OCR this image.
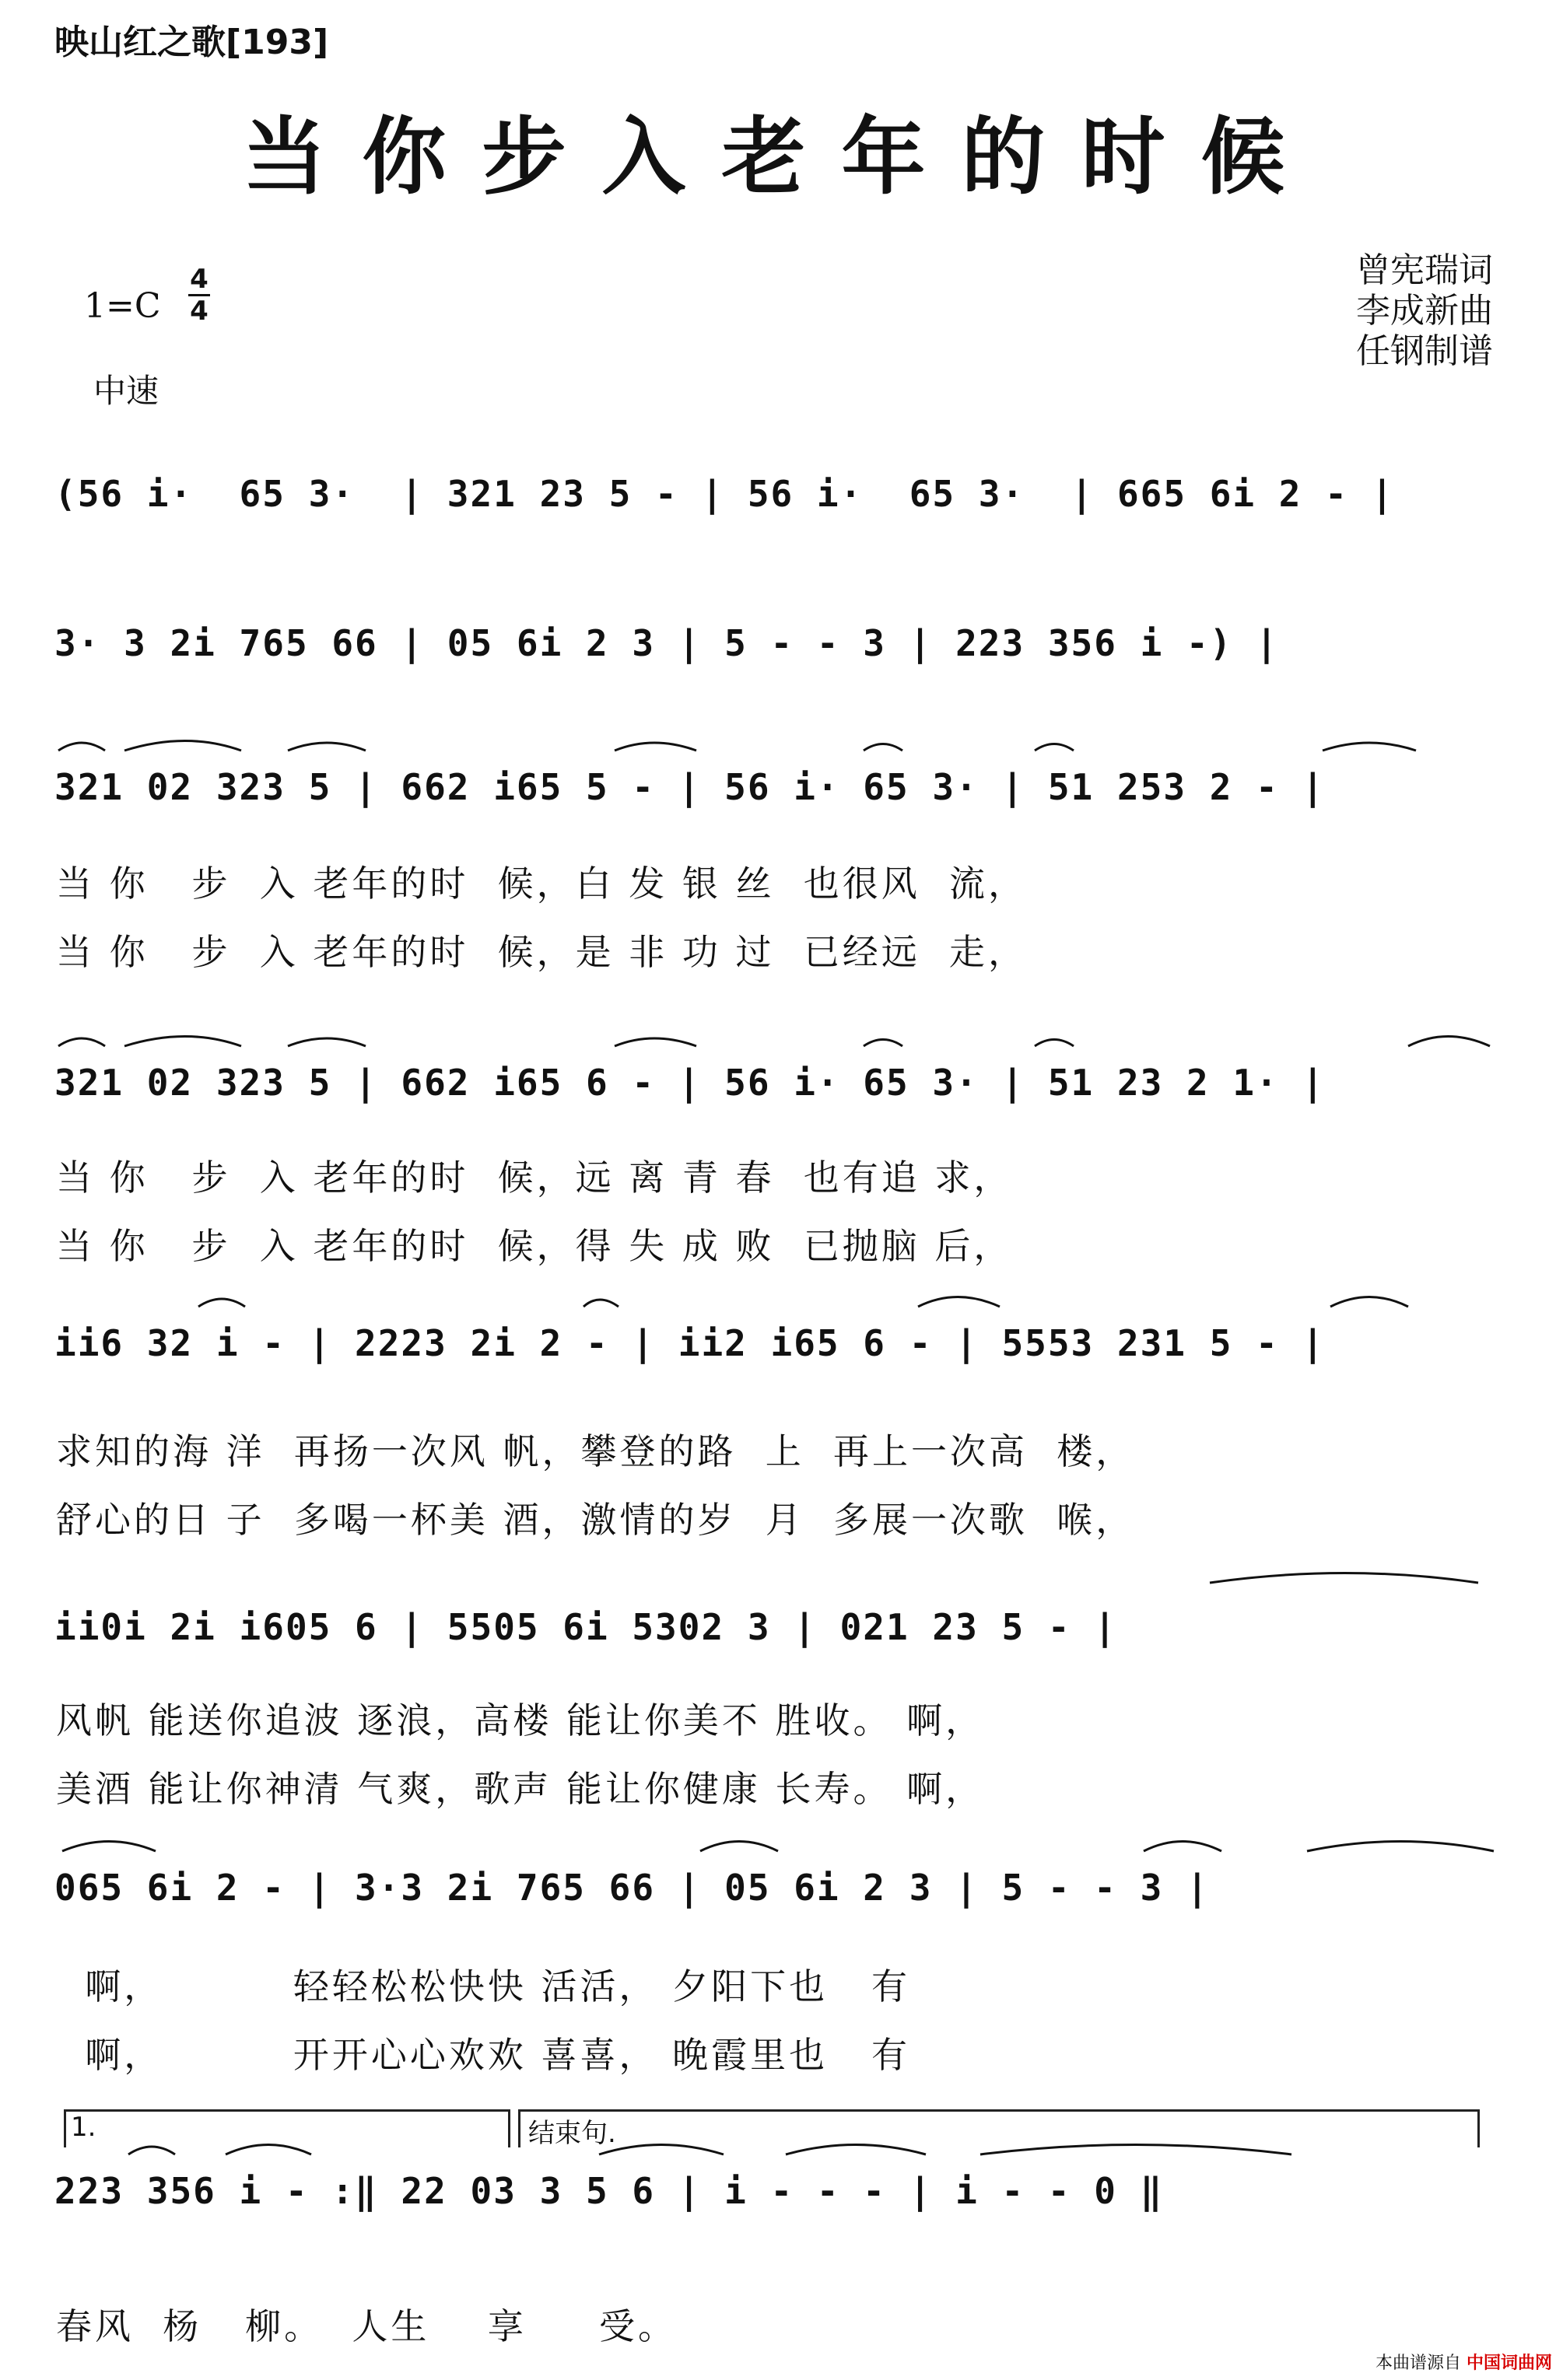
映山红之歌[193]
当你步入老年的时候
曾宪瑞词
李成新曲
任钢制谱
1=C
4
4
中速
(56 i·  65 3·  | 321 23 5 - | 56 i·  65 3·  | 665 6i 2 - |
3· 3 2i 765 66 | 05 6i 2 3 | 5 - - 3 | 223 356 i -) |
321 02 323 5 | 662 i65 5 - | 56 i· 65 3· | 51 253 2 - |
当 你   步  入 老年的时  候，白 发 银 丝  也很风  流，
当 你   步  入 老年的时  候，是 非 功 过  已经远  走，
321 02 323 5 | 662 i65 6 - | 56 i· 65 3· | 51 23 2 1· |
当 你   步  入 老年的时  候，远 离 青 春  也有追 求，
当 你   步  入 老年的时  候，得 失 成 败  已抛脑 后，
ii6 32 i - | 2223 2i 2 - | ii2 i65 6 - | 5553 231 5 - |
求知的海 洋  再扬一次风 帆，攀登的路  上  再上一次高  楼，
舒心的日 子  多喝一杯美 酒，激情的岁  月  多展一次歌  喉，
ii0i 2i i605 6 | 5505 6i 5302 3 | 021 23 5 - |
风帆 能送你追波 逐浪，高楼 能让你美不 胜收。 啊，
美酒 能让你神清 气爽，歌声 能让你健康 长寿。 啊，
065 6i 2 - | 3·3 2i 765 66 | 05 6i 2 3 | 5 - - 3 |
啊，         轻轻松松快快 活活， 夕阳下也   有
啊，         开开心心欢欢 喜喜， 晚霞里也   有
1.	结束句.
223 356 i - :‖ 22 03 3 5 6 | i - - - | i - - 0 ‖
春风  杨   柳。  人生    享     受。
本曲谱源自 中国词曲网
